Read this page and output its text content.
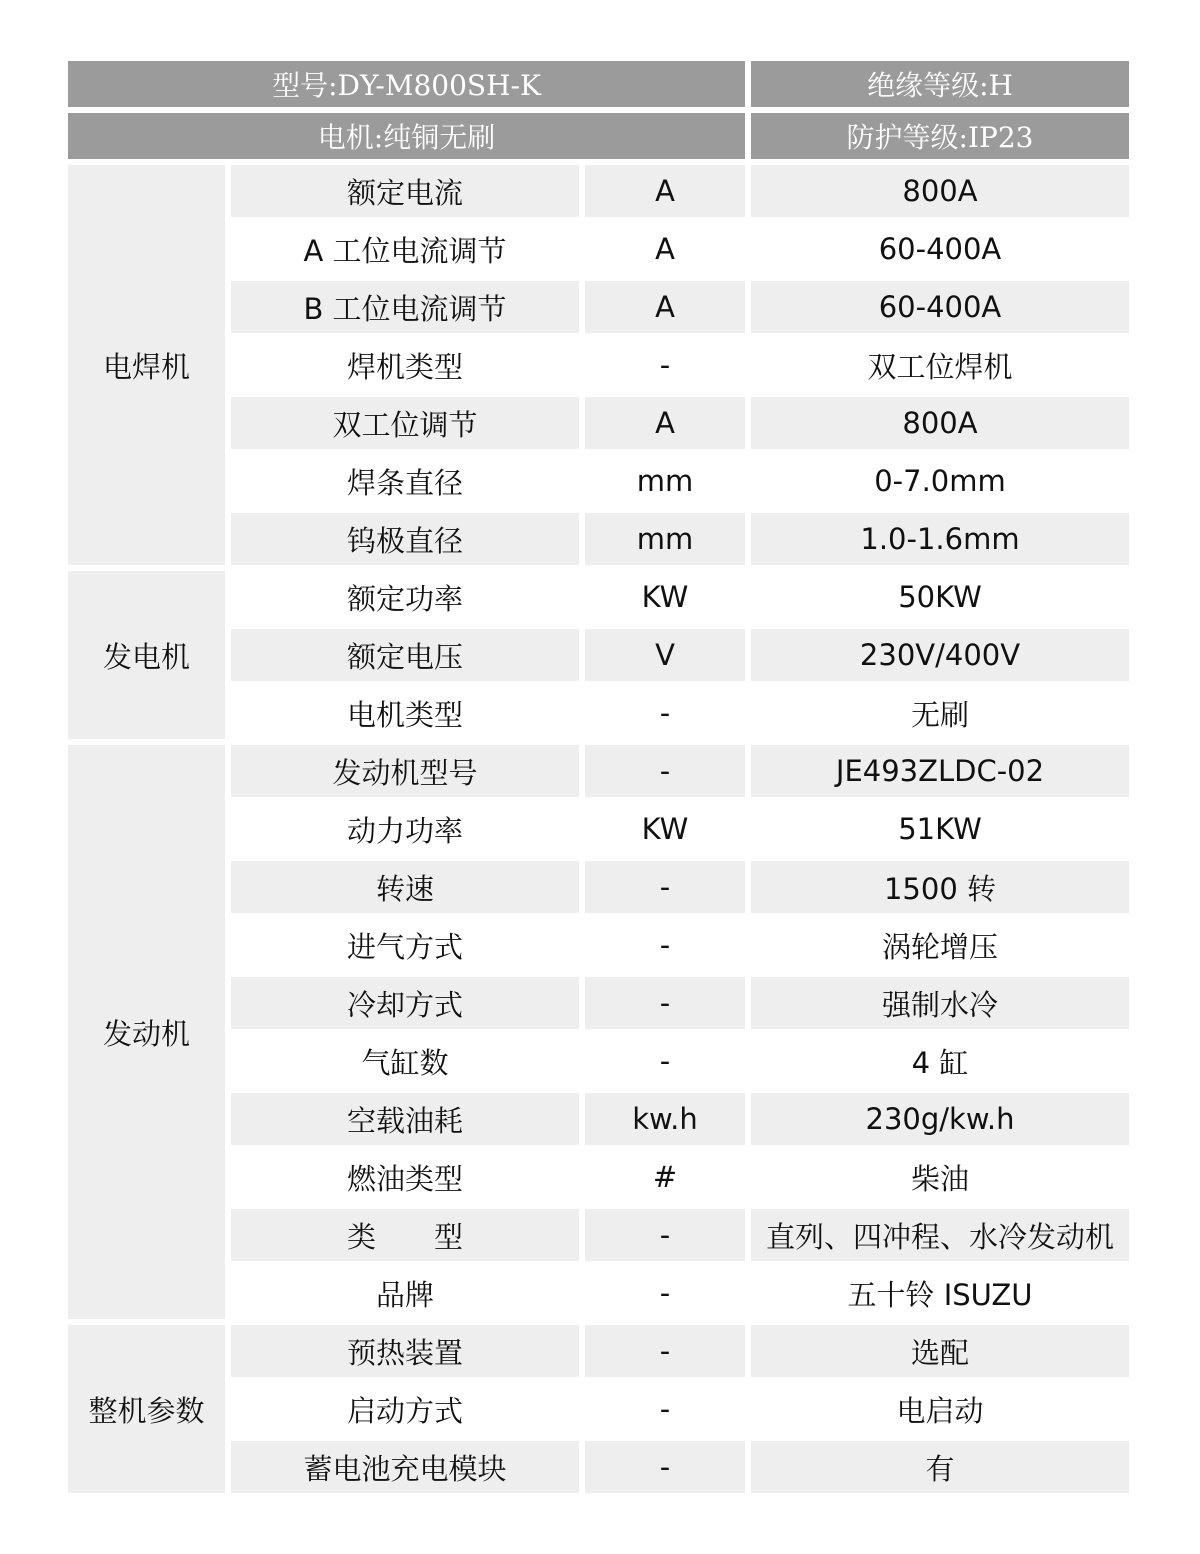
型号:DY-M800SH-K			绝缘等级:H
电机:纯铜无刷			防护等级:IP23
电焊机	额定电流	A	800A
	A 工位电流调节	A	60-400A
	B 工位电流调节	A	60-400A
	焊机类型	-	双工位焊机
	双工位调节	A	800A
	焊条直径	mm	0-7.0mm
	钨极直径	mm	1.0-1.6mm
发电机	额定功率	KW	50KW
	额定电压	V	230V/400V
	电机类型	-	无刷
发动机	发动机型号	-	JE493ZLDC-02
	动力功率	KW	51KW
	转速	-	1500 转
	进气方式	-	涡轮增压
	冷却方式	-	强制水冷
	气缸数	-	4 缸
	空载油耗	kw.h	230g/kw.h
	燃油类型	#	柴油
	类　　型	-	直列、四冲程、水冷发动机
	品牌	-	五十铃 ISUZU
整机参数	预热装置	-	选配
	启动方式	-	电启动
	蓄电池充电模块	-	有
